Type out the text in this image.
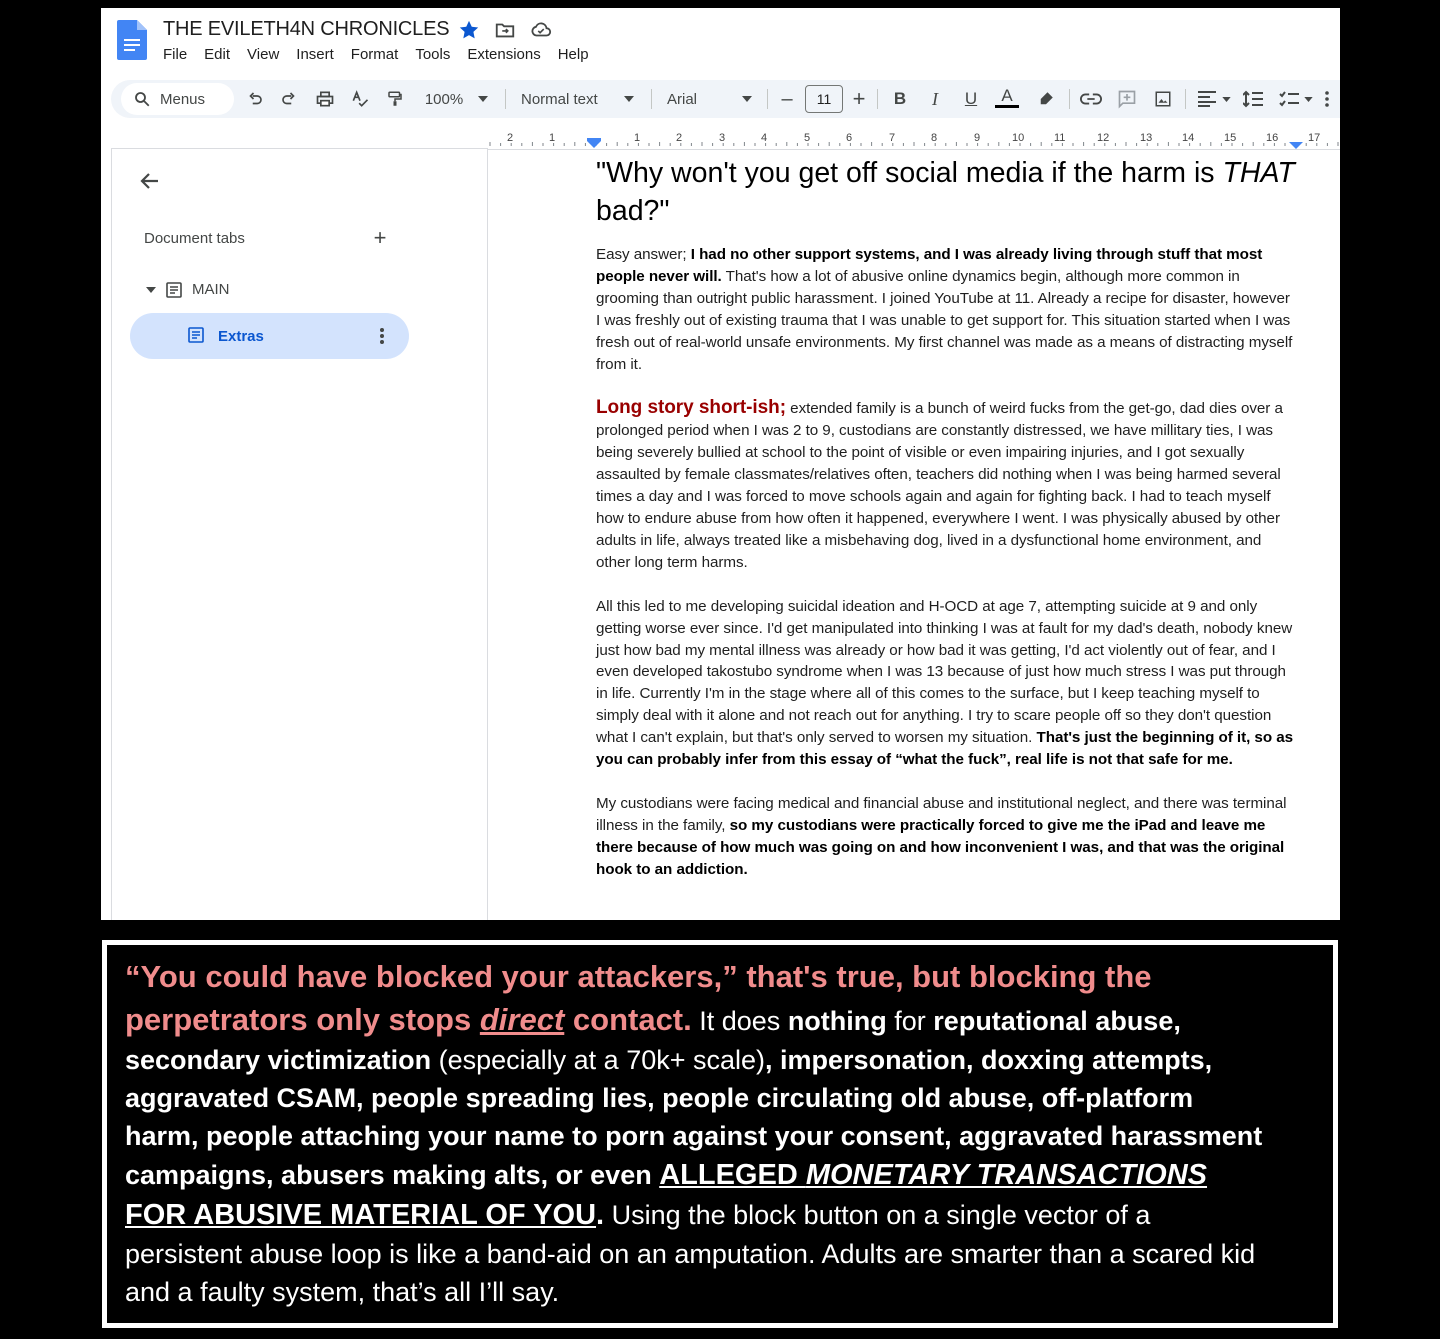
THE EVILETH4N CHRONICLES
File Edit View Insert Format Tools Extensions Help
Menus	100%	Normal text	Arial	–	11 + B	I	U	A
2	1	1	2	3	4	5	6	7	8	9	10	11	12	13	14	15	16	17
Document tabs	+
MAIN
Extras
"Why won't you get off social media if the harm is THAT bad?"

Easy answer; I had no other support systems, and I was already living through stuff that most people never will. That's how a lot of abusive online dynamics begin, although more common in grooming than outright public harassment. I joined YouTube at 11. Already a recipe for disaster, however I was freshly out of existing trauma that I was unable to get support for. This situation started when I was fresh out of real-world unsafe environments. My first channel was made as a means of distracting myself from it.

Long story short-ish; extended family is a bunch of weird fucks from the get-go, dad dies over a prolonged period when I was 2 to 9, custodians are constantly distressed, we have millitary ties, I was being severely bullied at school to the point of visible or even impairing injuries, and I got sexually assaulted by female classmates/relatives often, teachers did nothing when I was being harmed several times a day and I was forced to move schools again and again for fighting back. I had to teach myself how to endure abuse from how often it happened, everywhere I went. I was physically abused by other adults in life, always treated like a misbehaving dog, lived in a dysfunctional home environment, and other long term harms.

All this led to me developing suicidal ideation and H-OCD at age 7, attempting suicide at 9 and only getting worse ever since. I'd get manipulated into thinking I was at fault for my dad's death, nobody knew just how bad my mental illness was already or how bad it was getting, I'd act violently out of fear, and I even developed takostubo syndrome when I was 13 because of just how much stress I was put through in life. Currently I'm in the stage where all of this comes to the surface, but I keep teaching myself to simply deal with it alone and not reach out for anything. I try to scare people off so they don't question what I can't explain, but that's only served to worsen my situation. That's just the beginning of it, so as you can probably infer from this essay of “what the fuck”, real life is not that safe for me.

My custodians were facing medical and financial abuse and institutional neglect, and there was terminal illness in the family, so my custodians were practically forced to give me the iPad and leave me there because of how much was going on and how inconvenient I was, and that was the original hook to an addiction.

“You could have blocked your attackers,” that's true, but blocking the
perpetrators only stops direct contact. It does nothing for reputational abuse,
secondary victimization (especially at a 70k+ scale), impersonation, doxxing attempts,
aggravated CSAM, people spreading lies, people circulating old abuse, off-platform
harm, people attaching your name to porn against your consent, aggravated harassment
campaigns, abusers making alts, or even ALLEGED MONETARY TRANSACTIONS
FOR ABUSIVE MATERIAL OF YOU. Using the block button on a single vector of a
persistent abuse loop is like a band-aid on an amputation. Adults are smarter than a scared kid
and a faulty system, that’s all I’ll say.
